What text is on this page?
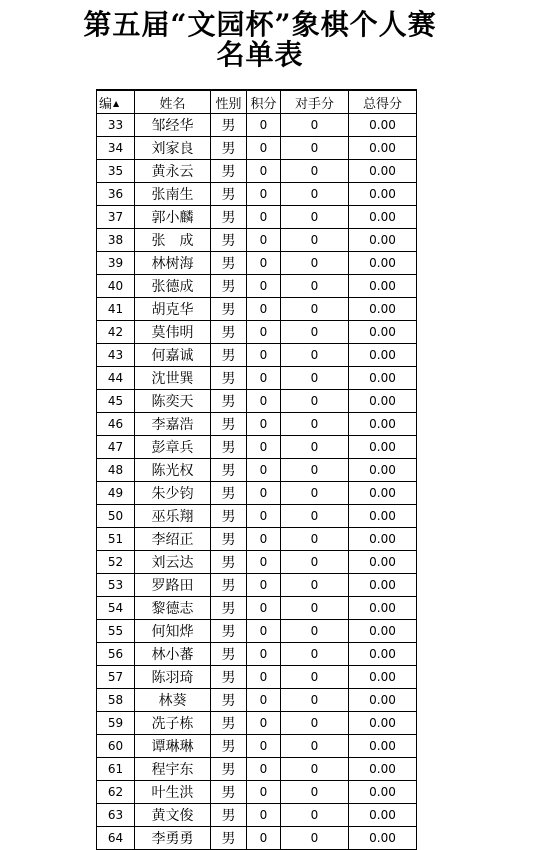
第五届“文园杯”象棋个人赛
名单表
编▲	姓名	性别	积分	对手分	总得分
33	邹经华	男	0	0	0.00
34	刘家良	男	0	0	0.00
35	黄永云	男	0	0	0.00
36	张南生	男	0	0	0.00
37	郭小麟	男	0	0	0.00
38	张　成	男	0	0	0.00
39	林树海	男	0	0	0.00
40	张德成	男	0	0	0.00
41	胡克华	男	0	0	0.00
42	莫伟明	男	0	0	0.00
43	何嘉诚	男	0	0	0.00
44	沈世巽	男	0	0	0.00
45	陈奕天	男	0	0	0.00
46	李嘉浩	男	0	0	0.00
47	彭章兵	男	0	0	0.00
48	陈光权	男	0	0	0.00
49	朱少钧	男	0	0	0.00
50	巫乐翔	男	0	0	0.00
51	李绍正	男	0	0	0.00
52	刘云达	男	0	0	0.00
53	罗路田	男	0	0	0.00
54	黎德志	男	0	0	0.00
55	何知烨	男	0	0	0.00
56	林小蕃	男	0	0	0.00
57	陈羽琦	男	0	0	0.00
58	林葵	男	0	0	0.00
59	冼子栋	男	0	0	0.00
60	谭琳琳	男	0	0	0.00
61	程宇东	男	0	0	0.00
62	叶生洪	男	0	0	0.00
63	黄文俊	男	0	0	0.00
64	李勇勇	男	0	0	0.00
